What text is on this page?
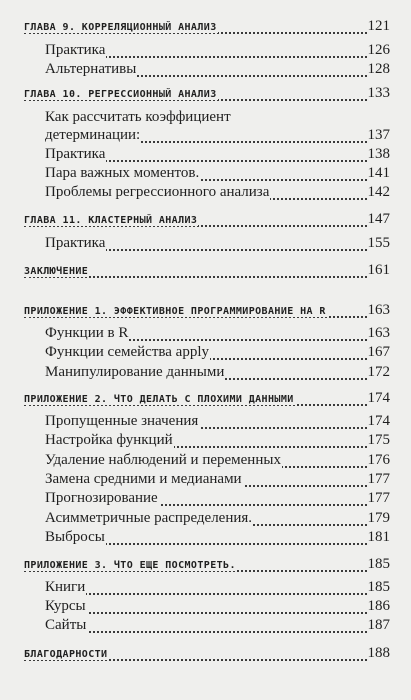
ГЛАВА 9. КОРРЕЛЯЦИОННЫЙ АНАЛИЗ	121
Практика	126
Альтернативы	128
ГЛАВА 10. РЕГРЕССИОННЫЙ АНАЛИЗ	133
Как рассчитать коэффициент
детерминации:	137
Практика	138
Пара важных моментов.	141
Проблемы регрессионного анализа	142
ГЛАВА 11. КЛАСТЕРНЫЙ АНАЛИЗ	147
Практика	155
ЗАКЛЮЧЕНИЕ	161
ПРИЛОЖЕНИЕ 1. ЭФФЕКТИВНОЕ ПРОГРАММИРОВАНИЕ НА R	163
Функции в R	163
Функции семейства apply	167
Манипулирование данными	172
ПРИЛОЖЕНИЕ 2. ЧТО ДЕЛАТЬ С ПЛОХИМИ ДАННЫМИ	174
Пропущенные значения	174
Настройка функций	175
Удаление наблюдений и переменных	176
Замена средними и медианами	177
Прогнозирование	177
Асимметричные распределения.	179
Выбросы	181
ПРИЛОЖЕНИЕ 3. ЧТО ЕЩЕ ПОСМОТРЕТЬ.	185
Книги	185
Курсы	186
Сайты	187
БЛАГОДАРНОСТИ	188
